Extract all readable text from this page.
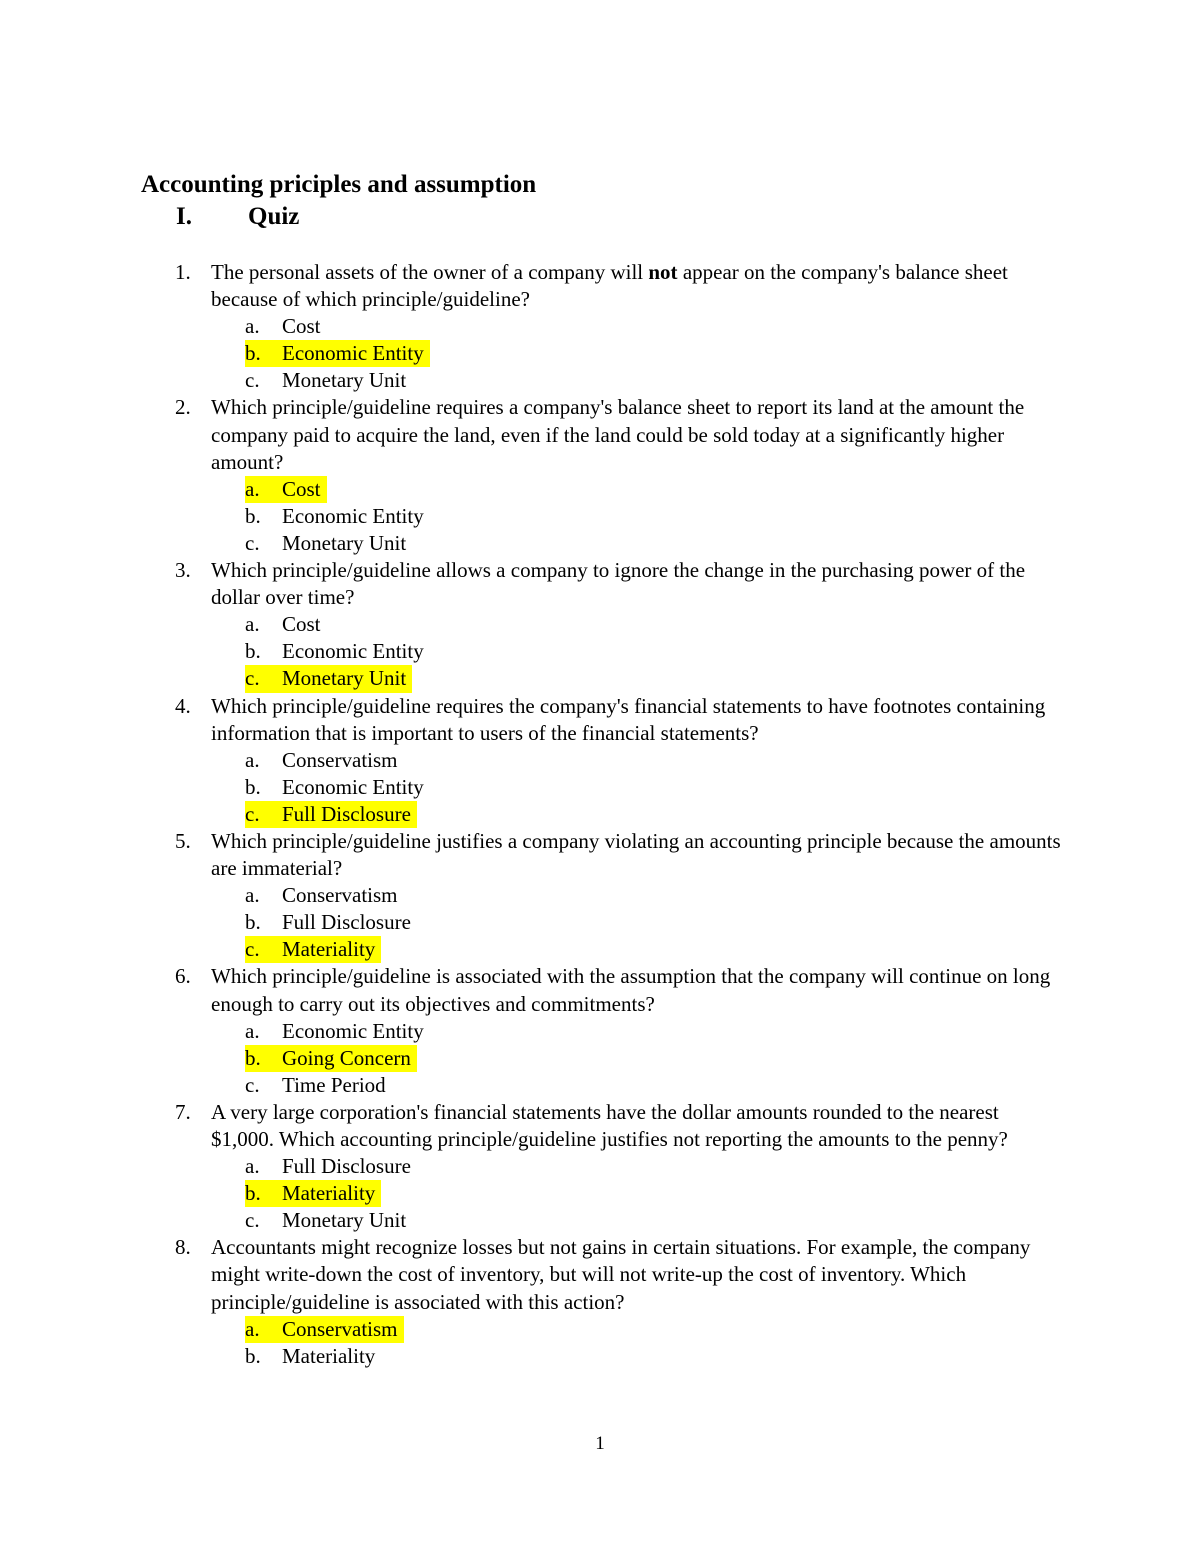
Accounting priciples and assumption
I. Quiz
1. The personal assets of the owner of a company will not appear on the company's balance sheet because of which principle/guideline?
a. Cost
b. Economic Entity
c. Monetary Unit
2. Which principle/guideline requires a company's balance sheet to report its land at the amount the company paid to acquire the land, even if the land could be sold today at a significantly higher amount?
a. Cost
b. Economic Entity
c. Monetary Unit
3. Which principle/guideline allows a company to ignore the change in the purchasing power of the dollar over time?
a. Cost
b. Economic Entity
c. Monetary Unit
4. Which principle/guideline requires the company's financial statements to have footnotes containing information that is important to users of the financial statements?
a. Conservatism
b. Economic Entity
c. Full Disclosure
5. Which principle/guideline justifies a company violating an accounting principle because the amounts are immaterial?
a. Conservatism
b. Full Disclosure
c. Materiality
6. Which principle/guideline is associated with the assumption that the company will continue on long enough to carry out its objectives and commitments?
a. Economic Entity
b. Going Concern
c. Time Period
7. A very large corporation's financial statements have the dollar amounts rounded to the nearest $1,000. Which accounting principle/guideline justifies not reporting the amounts to the penny?
a. Full Disclosure
b. Materiality
c. Monetary Unit
8. Accountants might recognize losses but not gains in certain situations. For example, the company might write-down the cost of inventory, but will not write-up the cost of inventory. Which principle/guideline is associated with this action?
a. Conservatism
b. Materiality
1
